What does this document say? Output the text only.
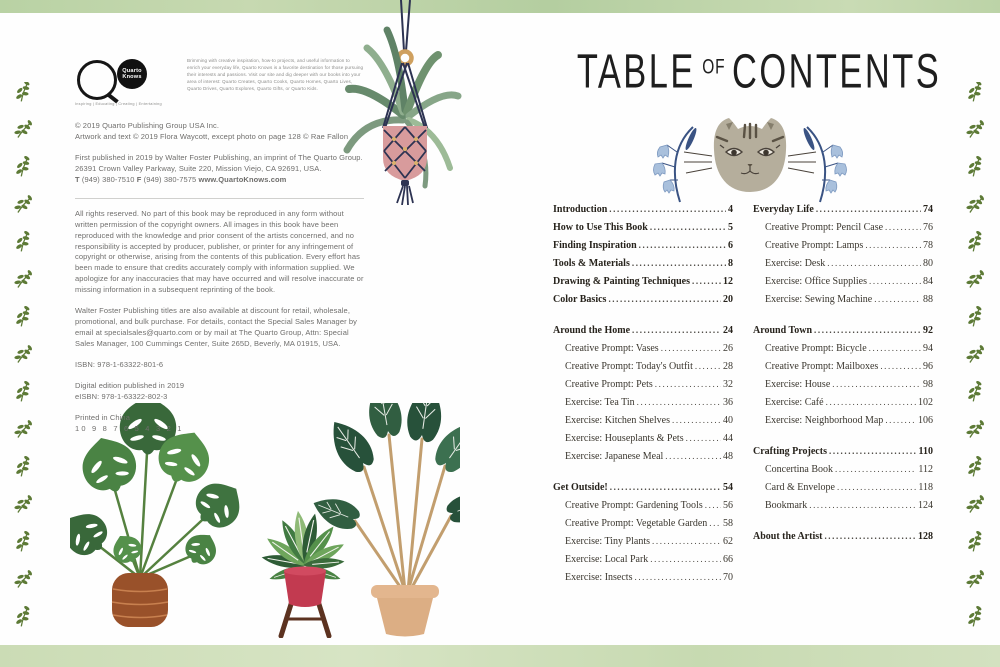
Quarto
Knows
Inspiring | Educating | Creating | Entertaining

Brimming with creative inspiration, how-to projects, and useful information to enrich your everyday life, Quarto Knows is a favorite destination for those pursuing their interests and passions. Visit our site and dig deeper with our books into your area of interest: Quarto Creates, Quarto Cooks, Quarto Homes, Quarto Lives, Quarto Drives, Quarto Explores, Quarto Gifts, or Quarto Kids.

© 2019 Quarto Publishing Group USA Inc.
Artwork and text © 2019 Flora Waycott, except photo on page 128 © Rae Fallon

First published in 2019 by Walter Foster Publishing, an imprint of The Quarto Group. 26391 Crown Valley Parkway, Suite 220, Mission Viejo, CA 92691, USA.
T (949) 380-7510 F (949) 380-7575 www.QuartoKnows.com

All rights reserved. No part of this book may be reproduced in any form without written permission of the copyright owners. All images in this book have been reproduced with the knowledge and prior consent of the artists concerned, and no responsibility is accepted by producer, publisher, or printer for any infringement of copyright or otherwise, arising from the contents of this publication. Every effort has been made to ensure that credits accurately comply with information supplied. We apologize for any inaccuracies that may have occurred and will resolve inaccurate or missing information in a subsequent reprinting of the book.

Walter Foster Publishing titles are also available at discount for retail, wholesale, promotional, and bulk purchase. For details, contact the Special Sales Manager by email at specialsales@quarto.com or by mail at The Quarto Group, Attn: Special Sales Manager, 100 Cummings Center, Suite 265D, Beverly, MA 01915, USA.

ISBN: 978-1-63322-801-6

Digital edition published in 2019
eISBN: 978-1-63322-802-3

Printed in China
10 9 8 7 6 5 4 3 2 1

TABLE $^{OF}$ CONTENTS
Introduction .....	4
How to Use This Book .....	5
Finding Inspiration .....	6
Tools & Materials .....	8
Drawing & Painting Techniques .....	12
Color Basics .....	20
Around the Home .....	24
Creative Prompt: Vases .....	26
Creative Prompt: Today's Outfit .....	28
Creative Prompt: Pets .....	32
Exercise: Tea Tin .....	36
Exercise: Kitchen Shelves .....	40
Exercise: Houseplants & Pets .....	44
Exercise: Japanese Meal .....	48
Get Outside! .....	54
Creative Prompt: Gardening Tools ..... 56
Creative Prompt: Vegetable Garden ..... 58
Exercise: Tiny Plants .....	62
Exercise: Local Park .....	66
Exercise: Insects .....	70
Everyday Life .....	74
Creative Prompt: Pencil Case .....	76
Creative Prompt: Lamps .....	78
Exercise: Desk .....	80
Exercise: Office Supplies .....	84
Exercise: Sewing Machine .....	88
Around Town .....	92
Creative Prompt: Bicycle .....	94
Creative Prompt: Mailboxes .....	96
Exercise: House .....	98
Exercise: Café .....	102
Exercise: Neighborhood Map .....	106
Crafting Projects .....	110
Concertina Book .....	112
Card & Envelope .....	118
Bookmark .....	124
About the Artist .....	128
